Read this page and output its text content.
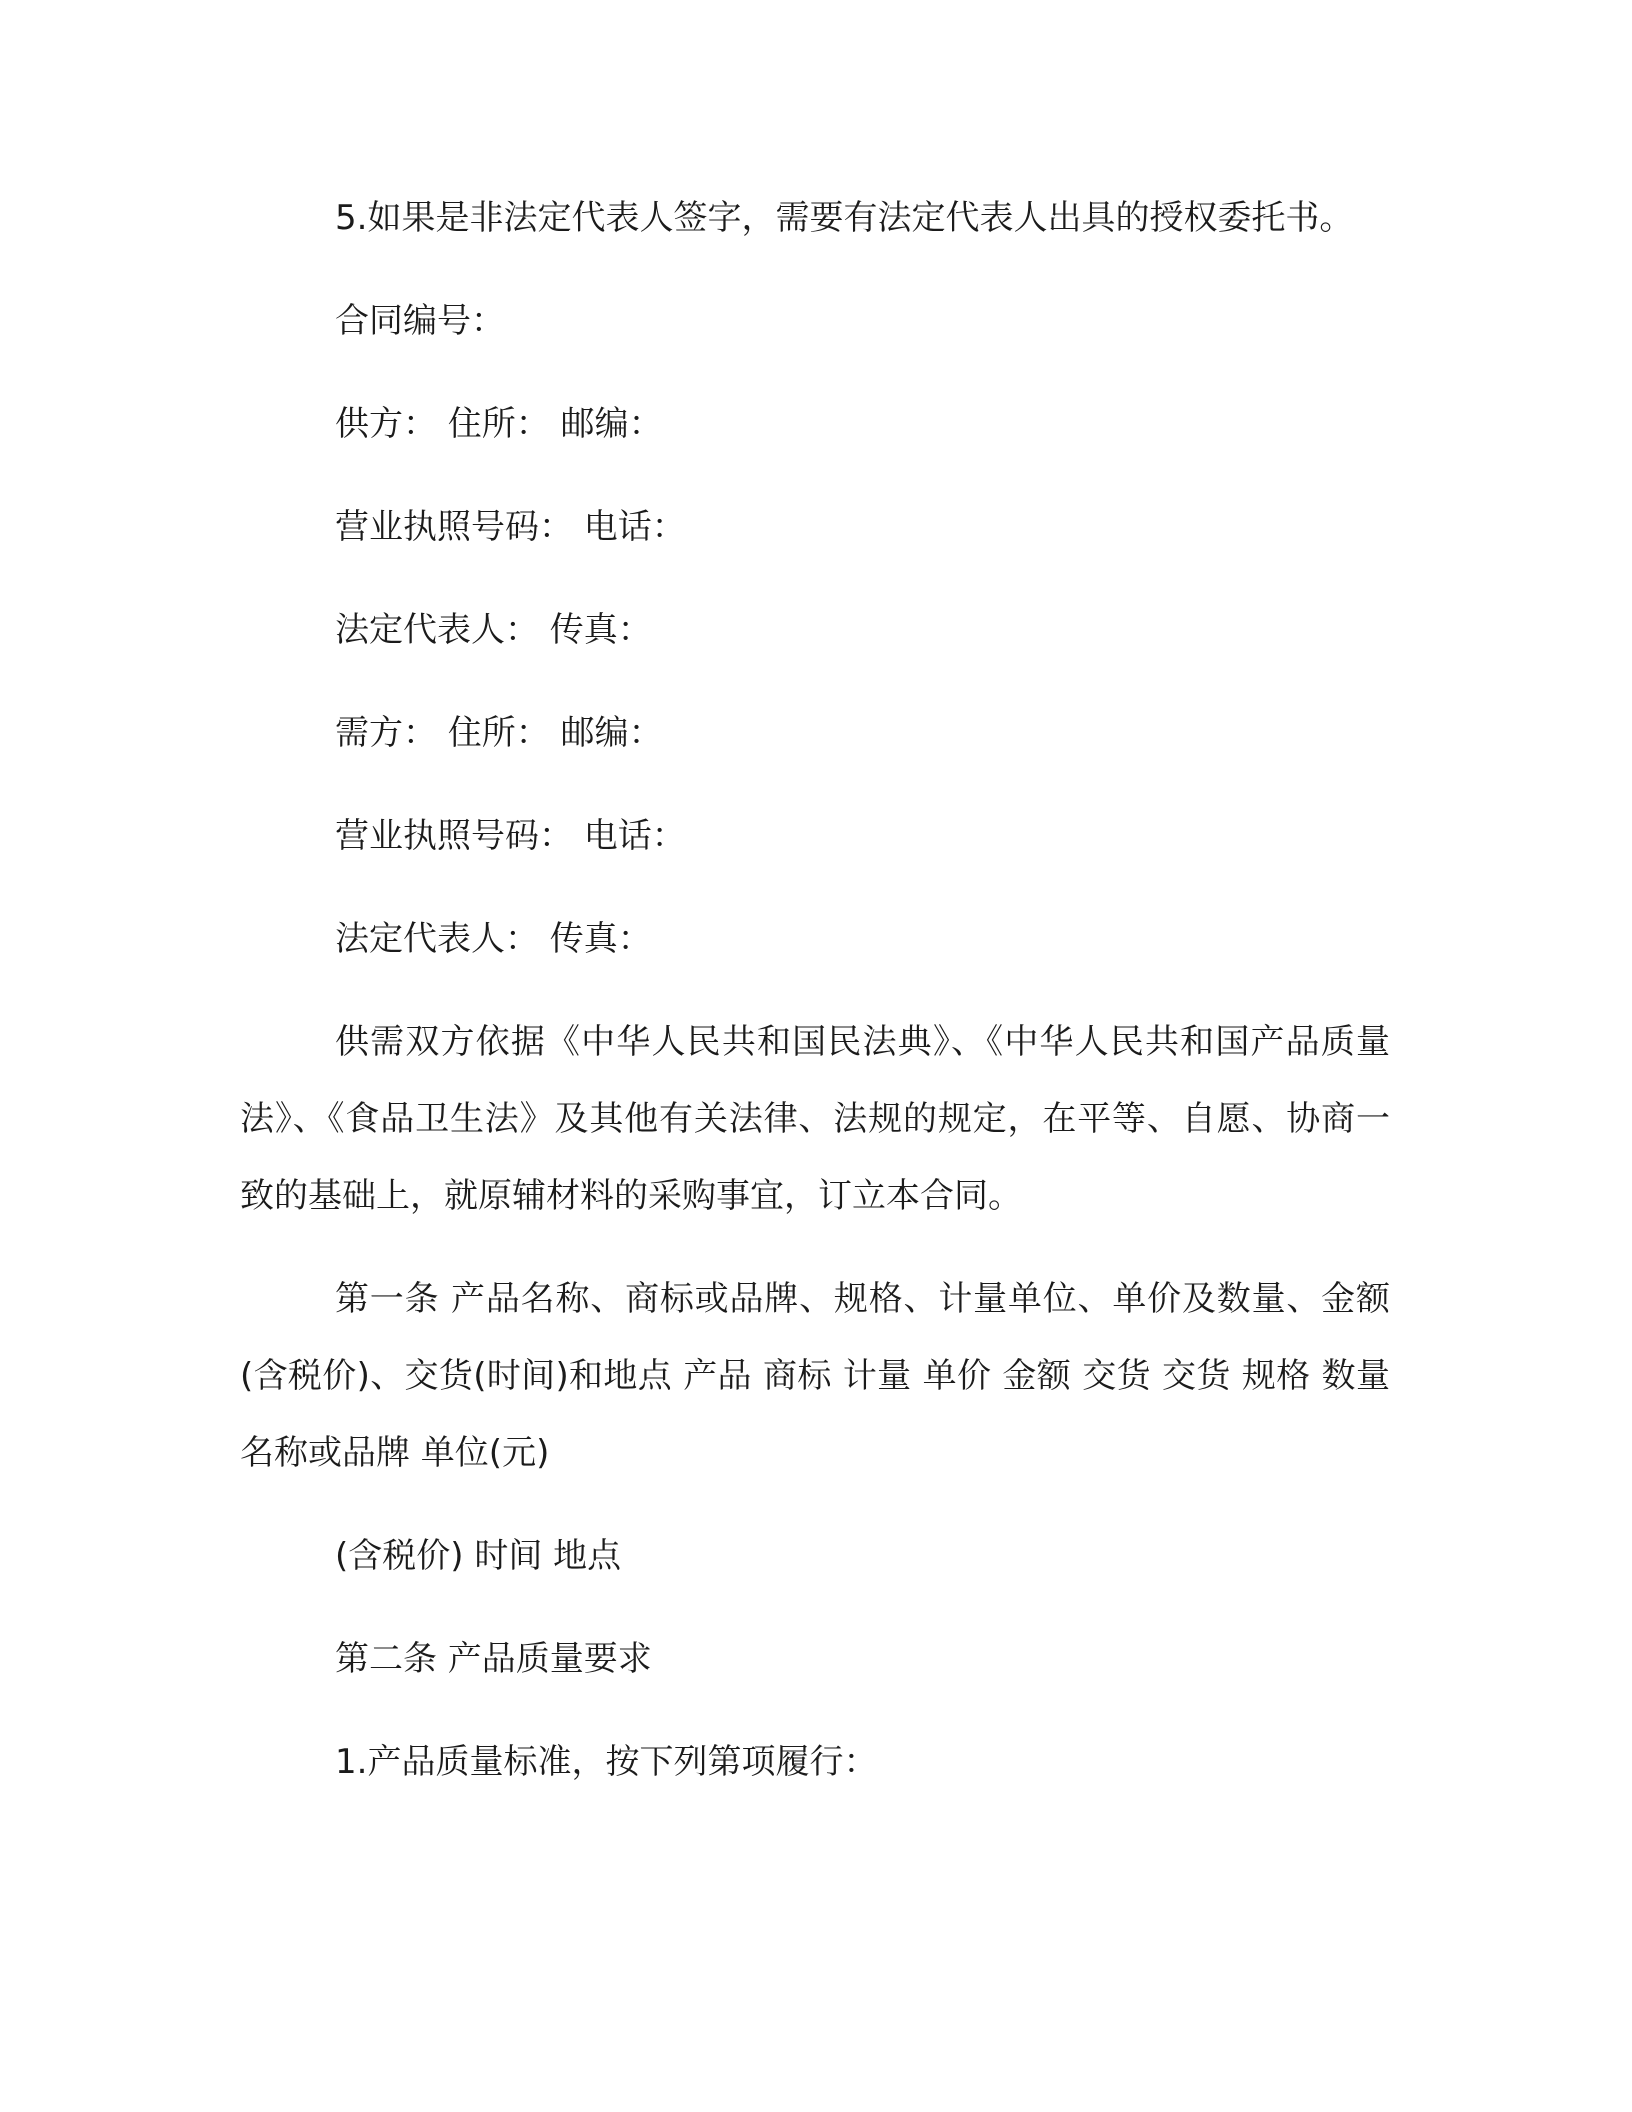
5.如果是非法定代表人签字，需要有法定代表人出具的授权委托书。

合同编号：

供方： 住所： 邮编：

营业执照号码： 电话：

法定代表人： 传真：

需方： 住所： 邮编：

营业执照号码： 电话：

法定代表人： 传真：

供需双方依据《中华人民共和国民法典》、《中华人民共和国产品质量法》、《食品卫生法》及其他有关法律、法规的规定，在平等、自愿、协商一致的基础上，就原辅材料的采购事宜，订立本合同。

第一条 产品名称、商标或品牌、规格、计量单位、单价及数量、金额(含税价)、交货(时间)和地点 产品 商标 计量 单价 金额 交货 交货 规格 数量 名称或品牌 单位(元)

(含税价) 时间 地点

第二条 产品质量要求

1.产品质量标准，按下列第项履行：
